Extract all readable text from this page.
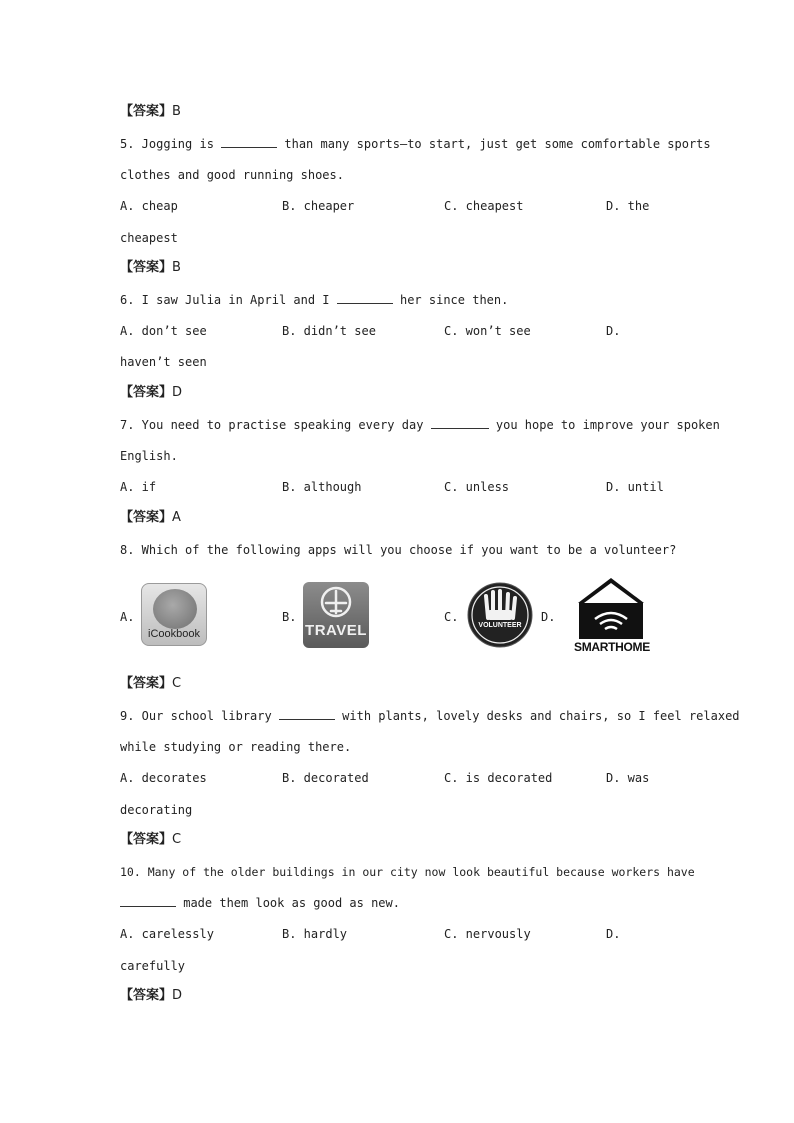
【答案】B
5. Jogging is	than many sports—to start, just get some comfortable sports
clothes and good running shoes.
A. cheap	B. cheaper	C. cheapest	D. the
cheapest
【答案】B
6. I saw Julia in April and I	her since then.
A. don’t see	B. didn’t see	C. won’t see	D.
haven’t seen
【答案】D
7. You need to practise speaking every day	you hope to improve your spoken
English.
A. if	B. although	C. unless	D. until
【答案】A
8. Which of the following apps will you choose if you want to be a volunteer?
A.	B.	C.	D.
iCookbook	TRAVEL	VOLUNTEER
SMARTHOME
【答案】C
9. Our school library	with plants, lovely desks and chairs, so I feel relaxed
while studying or reading there.
A. decorates	B. decorated	C. is decorated	D. was
decorating
【答案】C
10. Many of the older buildings in our city now look beautiful because workers have
made them look as good as new.
A. carelessly	B. hardly	C. nervously	D.
carefully
【答案】D
